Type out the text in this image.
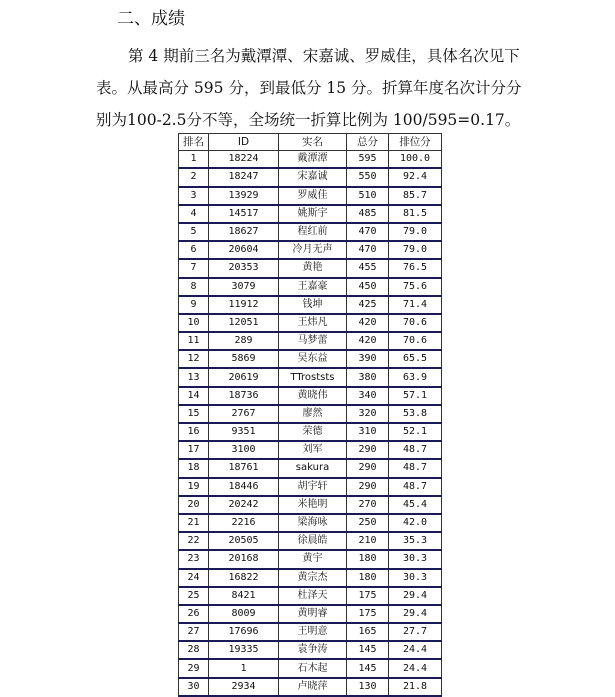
二、成绩

第 4 期前三名为戴潭潭、宋嘉诚、罗威佳，具体名次见下表。从最高分 595 分，到最低分 15 分。折算年度名次计分分别为100-2.5分不等，全场统一折算比例为 100/595=0.17。

排名	ID	实名	总分	排位分
1	18224	戴潭潭	595	100.0
2	18247	宋嘉诚	550	92.4
3	13929	罗威佳	510	85.7
4	14517	姚斯宇	485	81.5
5	18627	程红前	470	79.0
6	20604	冷月无声	470	79.0
7	20353	黄艳	455	76.5
8	3079	王嘉豪	450	75.6
9	11912	钱坤	425	71.4
10	12051	王炜凡	420	70.6
11	289	马梦蕾	420	70.6
12	5869	吴东益	390	65.5
13	20619	TTroststs	380	63.9
14	18736	黄晓伟	340	57.1
15	2767	廖然	320	53.8
16	9351	荣德	310	52.1
17	3100	刘军	290	48.7
18	18761	sakura	290	48.7
19	18446	胡宇轩	290	48.7
20	20242	米艳明	270	45.4
21	2216	梁海咏	250	42.0
22	20505	徐晨皓	210	35.3
23	20168	黄宇	180	30.3
24	16822	黄宗杰	180	30.3
25	8421	杜泽天	175	29.4
26	8009	黄明睿	175	29.4
27	17696	王明意	165	27.7
28	19335	袁争涛	145	24.4
29	1	石木起	145	24.4
30	2934	卢晓萍	130	21.8
